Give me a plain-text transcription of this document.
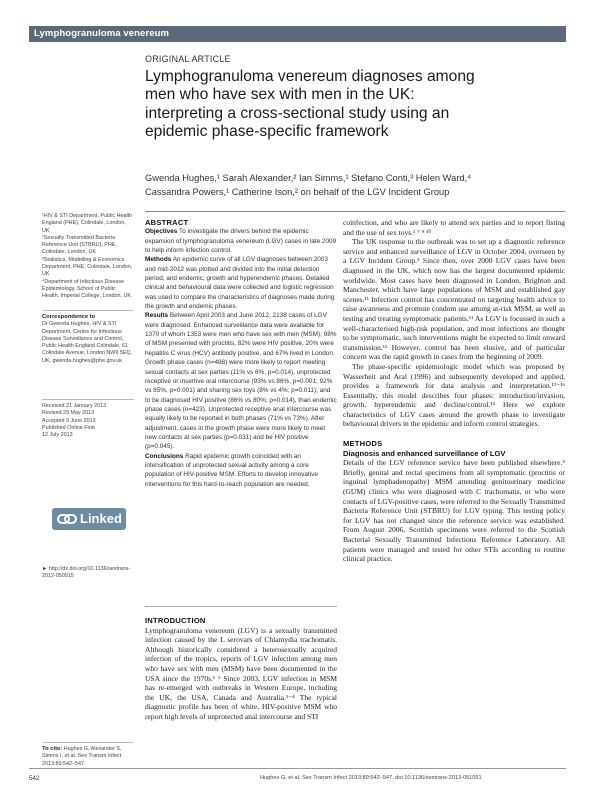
Lymphogranuloma venereum
ORIGINAL ARTICLE
Lymphogranuloma venereum diagnoses among
men who have sex with men in the UK:
interpreting a cross-sectional study using an
epidemic phase-specific framework
Gwenda Hughes,¹ Sarah Alexander,² Ian Simms,¹ Stefano Conti,³ Helen Ward,⁴
Cassandra Powers,¹ Catherine Ison,² on behalf of the LGV Incident Group

¹HIV & STI Department, Public Health England (PHE), Colindale, London, UK

²Sexually Transmitted Bacteria Reference Unit (STBRU), PHE, Colindale, London, UK

³Statistics, Modelling & Economics Department, PHE, Colindale, London, UK

⁴Department of Infectious Disease Epidemiology, School of Public Health, Imperial College, London, UK

Correspondence to

Dr Gwenda Hughes, HIV & STI Department, Centre for Infectious Disease Surveillance and Control, Public Health England Colindale, 61 Colindale Avenue, London NW9 5EQ, UK; gwenda.hughes@phe.gov.uk

Received 21 January 2013

Revised 29 May 2013

Accepted 9 June 2013

Published Online First

12 July 2013

Linked
► http://dx.doi.org/10.1136/sextrans-2012-050915
To cite: Hughes G, Alexander S, Simms I, et al. Sex Transm Infect 2013;89:542–547.

ABSTRACT

Objectives To investigate the drivers behind the epidemic expansion of lymphogranuloma venereum (LGV) cases in late 2009 to help inform infection control.

Methods An epidemic curve of all LGV diagnoses between 2003 and mid-2012 was plotted and divided into the initial detection period, and endemic, growth and hyperendemic phases. Detailed clinical and behavioural data were collected and logistic regression was used to compare the characteristics of diagnoses made during the growth and endemic phases.

Results Between April 2003 and June 2012, 2138 cases of LGV were diagnosed. Enhanced surveillance data were available for 1370 of whom 1353 were men who have sex with men (MSM); 98% of MSM presented with proctitis, 82% were HIV positive, 20% were hepatitis C virus (HCV) antibody positive, and 67% lived in London. Growth phase cases (n=488) were more likely to report meeting sexual contacts at sex parties (11% vs 6%, p=0.014), unprotected receptive or insertive oral intercourse (93% vs 86%, p=0.001; 92% vs 85%, p=0.001) and sharing sex toys (8% vs 4%; p=0.011), and to be diagnosed HIV positive (86% vs 80%; p=0.014), than endemic phase cases (n=423). Unprotected receptive anal intercourse was equally likely to be reported in both phases (71% vs 73%). After adjustment, cases in the growth phase were more likely to meet new contacts at sex parties (p=0.031) and be HIV positive (p=0.045).

Conclusions Rapid epidemic growth coincided with an intensification of unprotected sexual activity among a core population of HIV-positive MSM. Efforts to develop innovative interventions for this hard-to-reach population are needed.

INTRODUCTION

Lymphogranuloma venereum (LGV) is a sexually transmitted infection caused by the L serovars of Chlamydia trachomatis. Although historically considered a heterosexually acquired infection of the tropics, reports of LGV infection among men who have sex with men (MSM) have been documented in the USA since the 1970s.¹ ² Since 2003, LGV infection in MSM has re-emerged with outbreaks in Western Europe, including the UK, the USA, Canada and Australia.¹⁻⁴ The typical diagnostic profile has been of white, HIV-positive MSM who report high levels of unprotected anal intercourse and STI

coinfection, and who are likely to attend sex parties and to report fisting and the use of sex toys.¹ ⁷ ⁹ ¹⁰

The UK response to the outbreak was to set up a diagnostic reference service and enhanced surveillance of LGV in October 2004, overseen by a LGV Incident Group.⁵ Since then, over 2000 LGV cases have been diagnosed in the UK, which now has the largest documented epidemic worldwide. Most cases have been diagnosed in London, Brighton and Manchester, which have large populations of MSM and established gay scenes.¹¹ Infection control has concentrated on targeting health advice to raise awareness and promote condom use among at-risk MSM, as well as testing and treating symptomatic patients.¹¹ As LGV is focussed in such a well-characterised high-risk population, and most infections are thought to be symptomatic, such interventions might be expected to limit onward transmission.¹² However, control has been elusive, and of particular concern was the rapid growth in cases from the beginning of 2009.

The phase-specific epidemiologic model which was proposed by Wasserheit and Aral (1996) and subsequently developed and applied, provides a framework for data analysis and interpretation.¹³⁻¹⁶ Essentially, this model describes four phases: introduction/invasion, growth, hyperendemic and decline/control.¹³ Here we explore characteristics of LGV cases around the growth phase to investigate behavioural drivers in the epidemic and inform control strategies.

METHODS

Diagnosis and enhanced surveillance of LGV

Details of the LGV reference service have been published elsewhere.⁵ Briefly, genital and rectal specimens from all symptomatic (proctitis or inguinal lymphadenopathy) MSM attending genitourinary medicine (GUM) clinics who were diagnosed with C trachomatis, or who were contacts of LGV-positive cases, were referred to the Sexually Transmitted Bacteria Reference Unit (STBRU) for LGV typing. This testing policy for LGV has not changed since the reference service was established. From August 2006, Scottish specimens were referred to the Scottish Bacterial Sexually Transmitted Infections Reference Laboratory. All patients were managed and tested for other STIs according to routine clinical practice.

542	Hughes G, et al. Sex Transm Infect 2013;89:542–547. doi:10.1136/sextrans-2013-051051
